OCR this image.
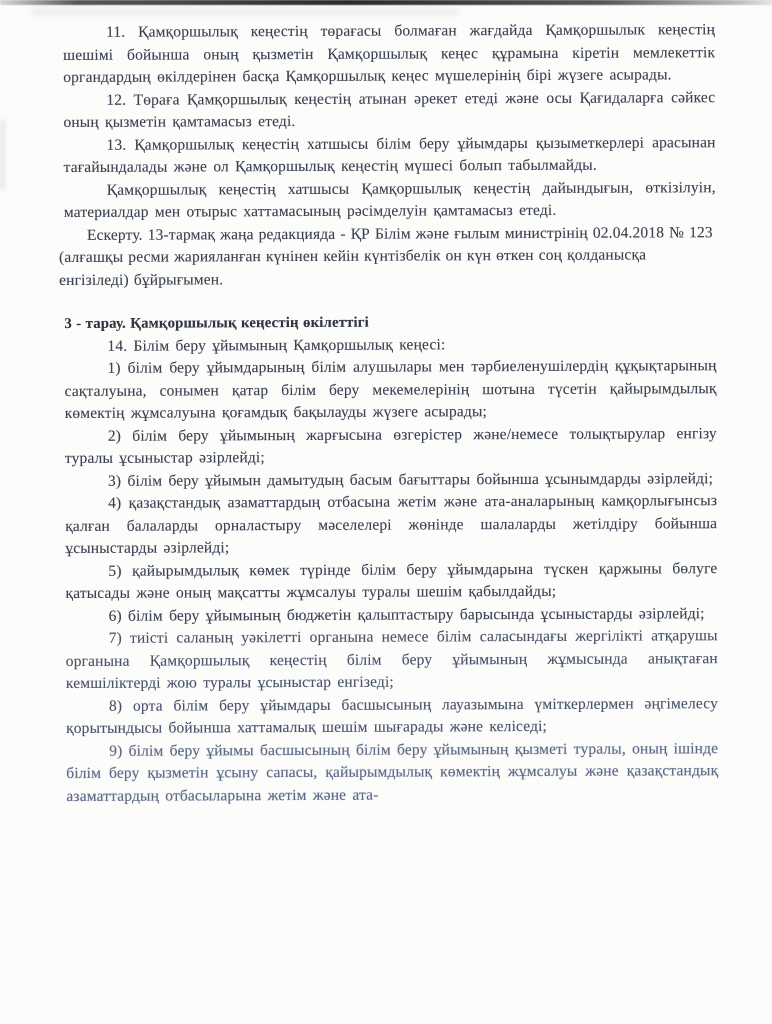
11. Қамқоршылық кеңестің төрағасы болмаған жағдайда Қамқоршылык кеңестің шешімі бойынша оның қызметін Қамқоршылық кеңес құрамына кіретін мемлекеттік органдардың өкілдерінен басқа Қамқоршылық кеңес мүшелерінің бірі жүзеге асырады.

12. Төраға Қамқоршылық кеңестің атынан әрекет етеді және осы Қағидаларға сәйкес оның қызметін қамтамасыз етеді.

13. Қамқоршылық кеңестің хатшысы білім беру ұйымдары қызыметкерлері арасынан тағайындалады және ол Қамқоршылық кеңестің мүшесі болып табылмайды.

Қамқоршылық кеңестің хатшысы Қамқоршылық кеңестің дайындығын, өткізілуін, материалдар мен отырыс хаттамасының рәсімделуін қамтамасыз етеді.

Ескерту. 13-тармақ жаңа редакцияда - ҚР Білім және ғылым министрінің 02.04.2018 № 123 (алғашқы ресми жарияланған күнінен кейін күнтізбелік он күн өткен соң қолданысқа енгізіледі) бұйрығымен.

3 - тарау. Қамқоршылық кеңестің өкілеттігі

14. Білім беру ұйымының Қамқоршылық кеңесі:

1) білім беру ұйымдарының білім алушылары мен тәрбиеленушілердің құқықтарының сақталуына, сонымен қатар білім беру мекемелерінің шотына түсетін қайырымдылық көмектің жұмсалуына қоғамдық бақылауды жүзеге асырады;

2) білім беру ұйымының жарғысына өзгерістер және/немесе толықтырулар енгізу туралы ұсыныстар әзірлейді;

3) білім беру ұйымын дамытудың басым бағыттары бойынша ұсынымдарды әзірлейді;

4) қазақстандық азаматтардың отбасына жетім және ата-аналарының камқорлығынсыз қалған балаларды орналастыру мәселелері жөнінде шалаларды жетілдіру бойынша ұсыныстарды әзірлейді;

5) қайырымдылық көмек түрінде білім беру ұйымдарына түскен қаржыны бөлуге қатысады және оның мақсатты жұмсалуы туралы шешім қабылдайды;

6) білім беру ұйымының бюджетін қалыптастыру барысында ұсыныстарды әзірлейді;

7) тиісті саланың уәкілетті органына немесе білім саласындағы жергілікті атқарушы органына Қамқоршылық кеңестің білім беру ұйымының жұмысында анықтаған кемшіліктерді жою туралы ұсыныстар енгізеді;

8) орта білім беру ұйымдары басшысының лауазымына үміткерлермен әңгімелесу қорытындысы бойынша хаттамалық шешім шығарады және келіседі;

9) білім беру ұйымы басшысының білім беру ұйымының қызметі туралы, оның ішінде білім беру қызметін ұсыну сапасы, қайырымдылық көмектің жұмсалуы және қазақстандық азаматтардың отбасыларына жетім және ата-
